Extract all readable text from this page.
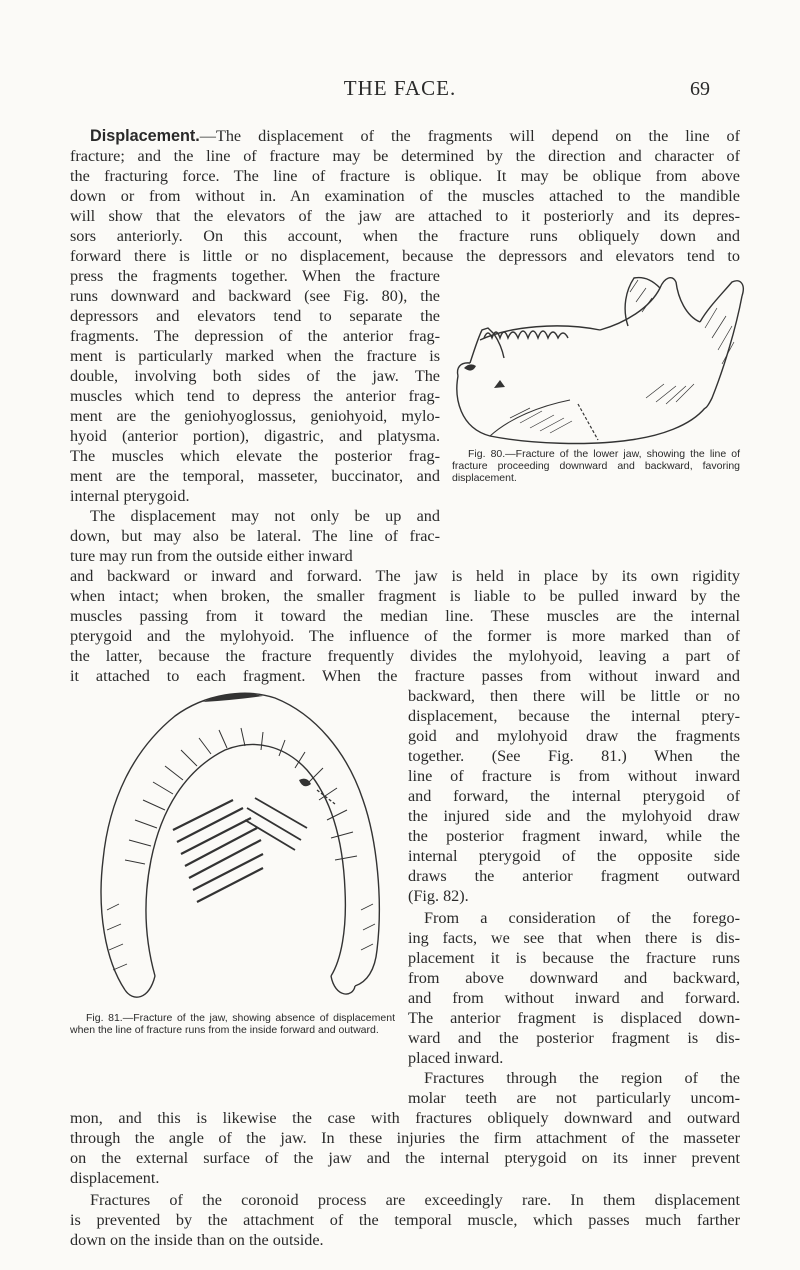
THE FACE.	69
Displacement.—The displacement of the fragments will depend on the line of
fracture; and the line of fracture may be determined by the direction and character of
the fracturing force. The line of fracture is oblique. It may be oblique from above
down or from without in. An examination of the muscles attached to the mandible
will show that the elevators of the jaw are attached to it posteriorly and its depres-
sors anteriorly. On this account, when the fracture runs obliquely down and
forward there is little or no displacement, because the depressors and elevators tend to
press the fragments together. When the fracture
runs downward and backward (see Fig. 80), the
depressors and elevators tend to separate the
fragments. The depression of the anterior frag-
ment is particularly marked when the fracture is
double, involving both sides of the jaw. The
muscles which tend to depress the anterior frag-
ment are the geniohyoglossus, geniohyoid, mylo-
hyoid (anterior portion), digastric, and platysma.
The muscles which elevate the posterior frag-
ment are the temporal, masseter, buccinator, and
internal pterygoid.
Fig. 80.—Fracture of the lower jaw, showing the line of fracture proceeding downward and backward, favoring displacement.
The displacement may not only be up and
down, but may also be lateral. The line of frac-
ture may run from the outside either inward
and backward or inward and forward. The jaw is held in place by its own rigidity
when intact; when broken, the smaller fragment is liable to be pulled inward by the
muscles passing from it toward the median line. These muscles are the internal
pterygoid and the mylohyoid. The influence of the former is more marked than of
the latter, because the fracture frequently divides the mylohyoid, leaving a part of
it attached to each fragment. When the fracture passes from without inward and
backward, then there will be little or no
displacement, because the internal ptery-
goid and mylohyoid draw the fragments
together. (See Fig. 81.) When the
line of fracture is from without inward
and forward, the internal pterygoid of
the injured side and the mylohyoid draw
the posterior fragment inward, while the
internal pterygoid of the opposite side
draws the anterior fragment outward
(Fig. 82).
Fig. 81.—Fracture of the jaw, showing absence of displacement when the line of fracture runs from the inside forward and outward.
From a consideration of the forego-
ing facts, we see that when there is dis-
placement it is because the fracture runs
from above downward and backward,
and from without inward and forward.
The anterior fragment is displaced down-
ward and the posterior fragment is dis-
placed inward.
Fractures through the region of the
molar teeth are not particularly uncom-
mon, and this is likewise the case with fractures obliquely downward and outward
through the angle of the jaw. In these injuries the firm attachment of the masseter
on the external surface of the jaw and the internal pterygoid on its inner prevent
displacement.
Fractures of the coronoid process are exceedingly rare. In them displacement
is prevented by the attachment of the temporal muscle, which passes much farther
down on the inside than on the outside.
